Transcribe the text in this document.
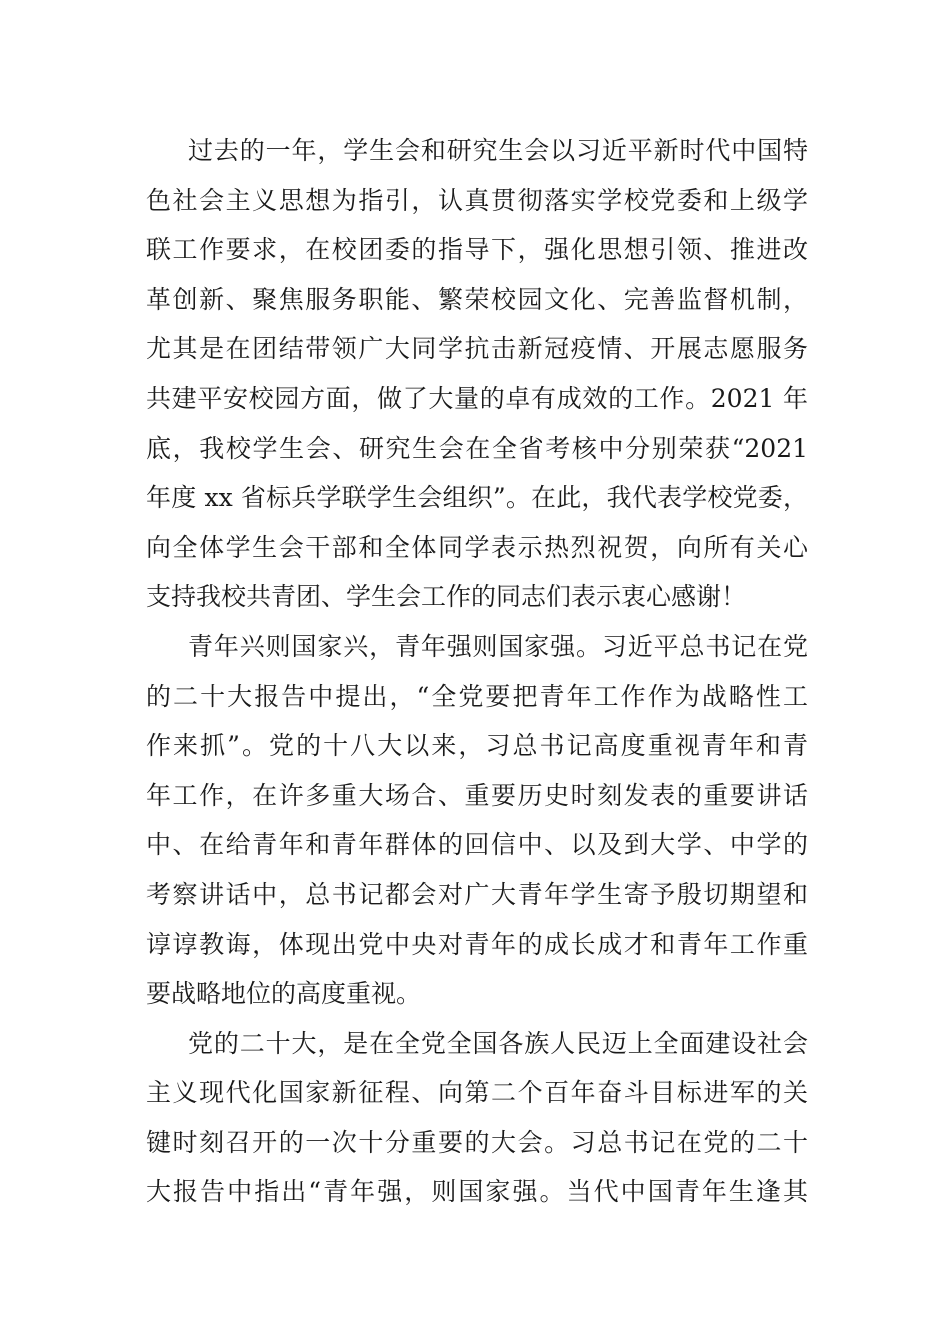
过去的一年，学生会和研究生会以习近平新时代中国特
色社会主义思想为指引，认真贯彻落实学校党委和上级学
联工作要求，在校团委的指导下，强化思想引领、推进改
革创新、聚焦服务职能、繁荣校园文化、完善监督机制，
尤其是在团结带领广大同学抗击新冠疫情、开展志愿服务
共建平安校园方面，做了大量的卓有成效的工作。2021 年
底，我校学生会、研究生会在全省考核中分别荣获“2021
年度 xx 省标兵学联学生会组织”。在此，我代表学校党委，
向全体学生会干部和全体同学表示热烈祝贺，向所有关心
支持我校共青团、学生会工作的同志们表示衷心感谢！
青年兴则国家兴，青年强则国家强。习近平总书记在党
的二十大报告中提出，“全党要把青年工作作为战略性工
作来抓”。党的十八大以来，习总书记高度重视青年和青
年工作，在许多重大场合、重要历史时刻发表的重要讲话
中、在给青年和青年群体的回信中、以及到大学、中学的
考察讲话中，总书记都会对广大青年学生寄予殷切期望和
谆谆教诲，体现出党中央对青年的成长成才和青年工作重
要战略地位的高度重视。
党的二十大，是在全党全国各族人民迈上全面建设社会
主义现代化国家新征程、向第二个百年奋斗目标进军的关
键时刻召开的一次十分重要的大会。习总书记在党的二十
大报告中指出“青年强，则国家强。当代中国青年生逢其
